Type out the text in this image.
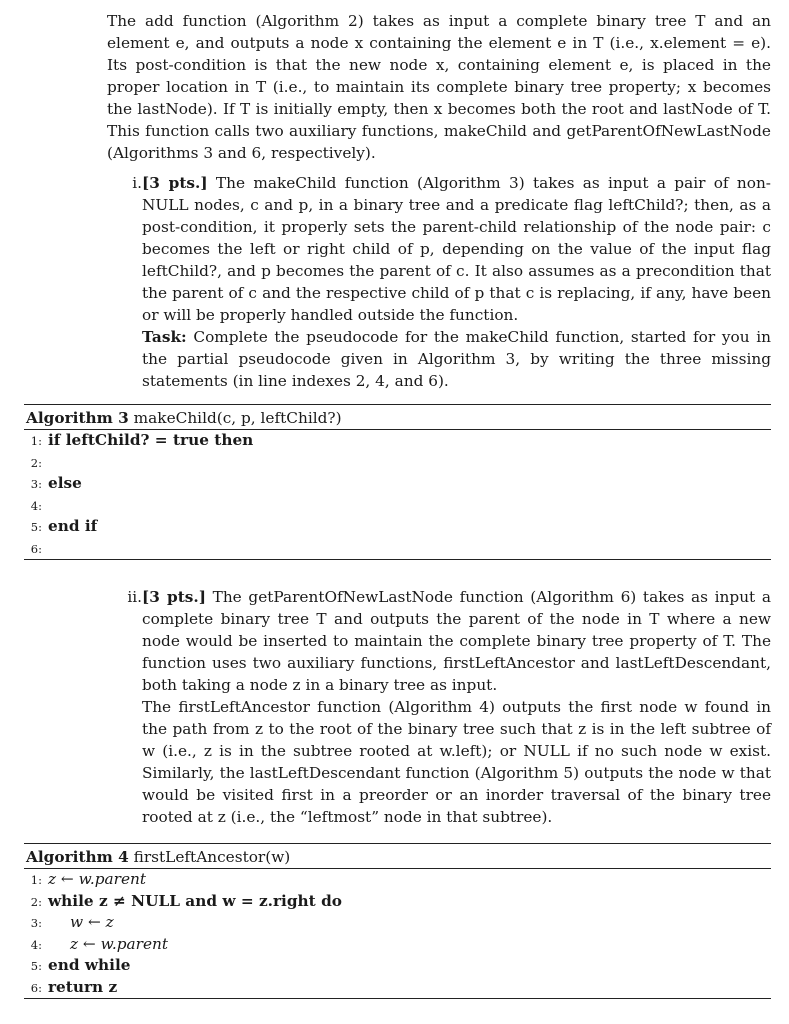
The add function (Algorithm 2) takes as input a complete binary tree T and an element e, and outputs a node x containing the element e in T (i.e., x.element = e). Its post-condition is that the new node x, containing element e, is placed in the proper location in T (i.e., to maintain its complete binary tree property; x becomes the lastNode). If T is initially empty, then x becomes both the root and lastNode of T. This function calls two auxiliary functions, makeChild and getParentOfNewLastNode (Algorithms 3 and 6, respectively).

i. [3 pts.] The makeChild function (Algorithm 3) takes as input a pair of non-NULL nodes, c and p, in a binary tree and a predicate flag leftChild?; then, as a post-condition, it properly sets the parent-child relationship of the node pair: c becomes the left or right child of p, depending on the value of the input flag leftChild?, and p becomes the parent of c. It also assumes as a precondition that the parent of c and the respective child of p that c is replacing, if any, have been or will be properly handled outside the function.
Task: Complete the pseudocode for the makeChild function, started for you in the partial pseudocode given in Algorithm 3, by writing the three missing statements (in line indexes 2, 4, and 6).
Algorithm 3 makeChild(c, p, leftChild?)
1: if leftChild? = true then
2:
3: else
4:
5: end if
6:
ii. [3 pts.] The getParentOfNewLastNode function (Algorithm 6) takes as input a complete binary tree T and outputs the parent of the node in T where a new node would be inserted to maintain the complete binary tree property of T. The function uses two auxiliary functions, firstLeftAncestor and lastLeftDescendant, both taking a node z in a binary tree as input.
The firstLeftAncestor function (Algorithm 4) outputs the first node w found in the path from z to the root of the binary tree such that z is in the left subtree of w (i.e., z is in the subtree rooted at w.left); or NULL if no such node w exist. Similarly, the lastLeftDescendant function (Algorithm 5) outputs the node w that would be visited first in a preorder or an inorder traversal of the binary tree rooted at z (i.e., the “leftmost” node in that subtree).
Algorithm 4 firstLeftAncestor(w)
1: z ← w.parent
2: while z ≠ NULL and w = z.right do
3: w ← z
4: z ← w.parent
5: end while
6: return z
